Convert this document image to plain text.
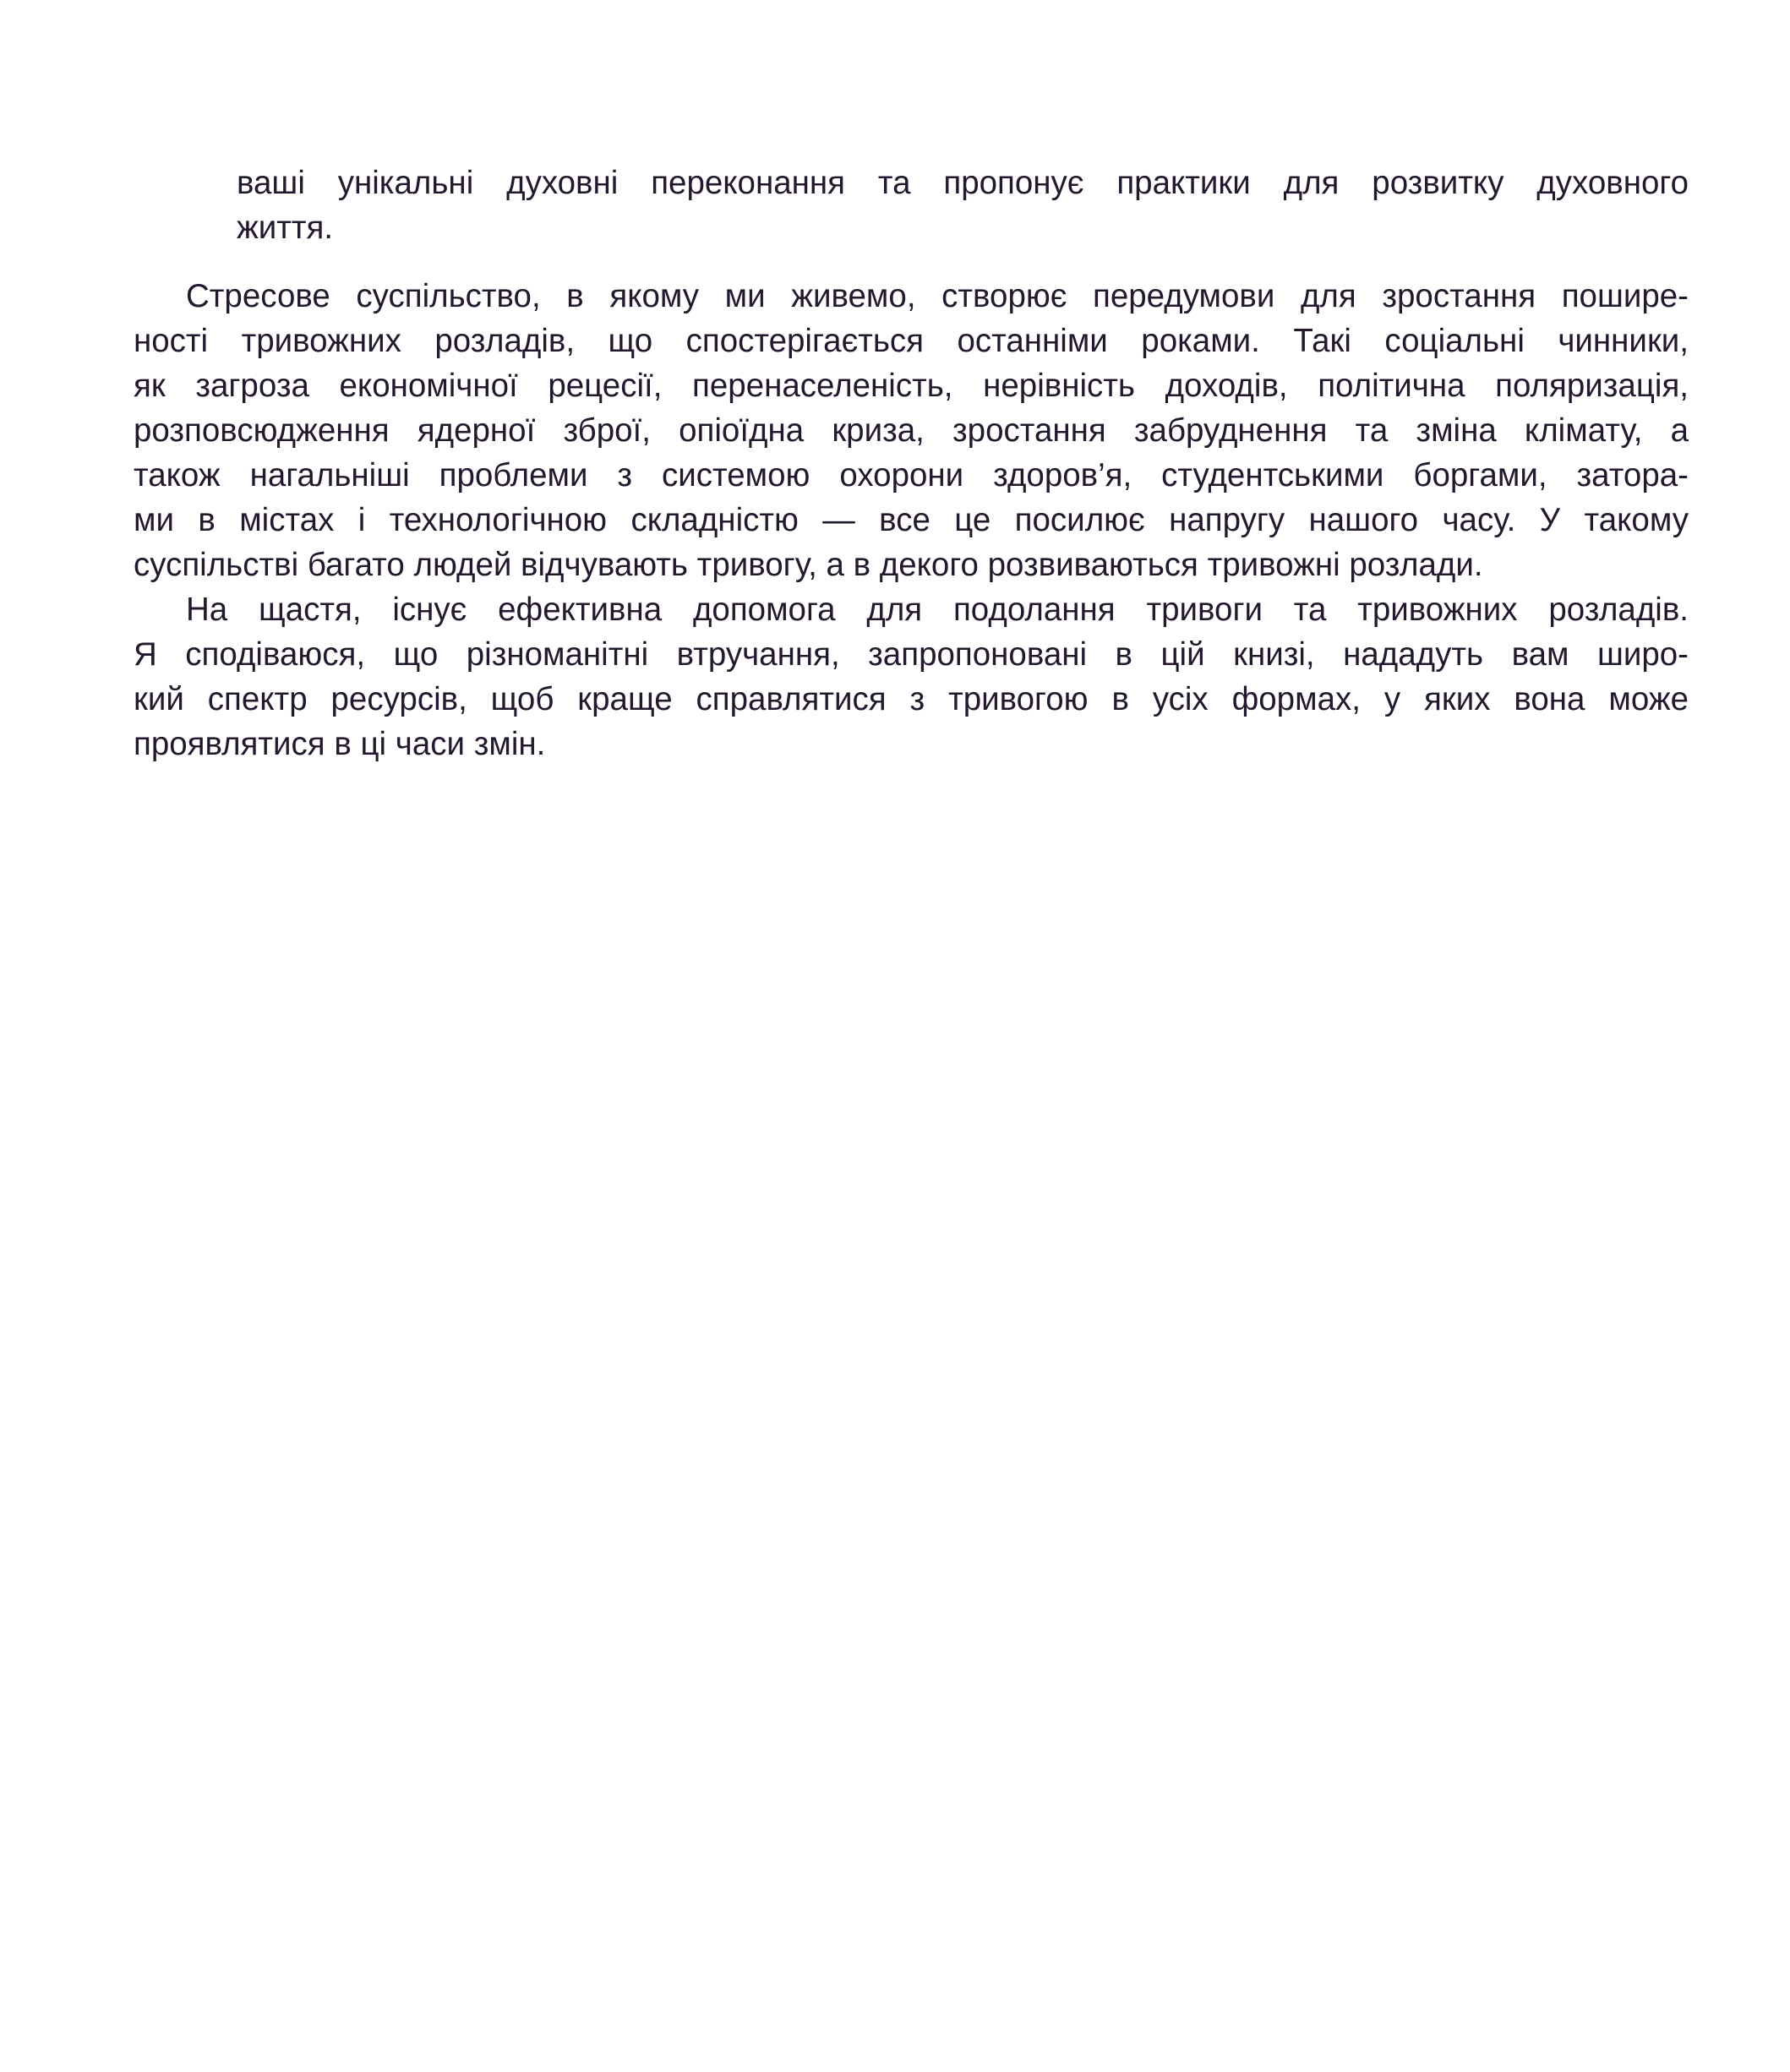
ваші унікальні духовні переконання та пропонує практики для розвитку духовного
життя.
Стресове суспільство, в якому ми живемо, створює передумови для зростання пошире-
ності тривожних розладів, що спостерігається останніми роками. Такі соціальні чинники,
як загроза економічної рецесії, перенаселеність, нерівність доходів, політична поляризація,
розповсюдження ядерної зброї, опіоїдна криза, зростання забруднення та зміна клімату, а
також нагальніші проблеми з системою охорони здоров’я, студентськими боргами, затора-
ми в містах і технологічною складністю — все це посилює напругу нашого часу. У такому
суспільстві багато людей відчувають тривогу, а в декого розвиваються тривожні розлади.
На щастя, існує ефективна допомога для подолання тривоги та тривожних розладів.
Я сподіваюся, що різноманітні втручання, запропоновані в цій книзі, нададуть вам широ-
кий спектр ресурсів, щоб краще справлятися з тривогою в усіх формах, у яких вона може
проявлятися в ці часи змін.
